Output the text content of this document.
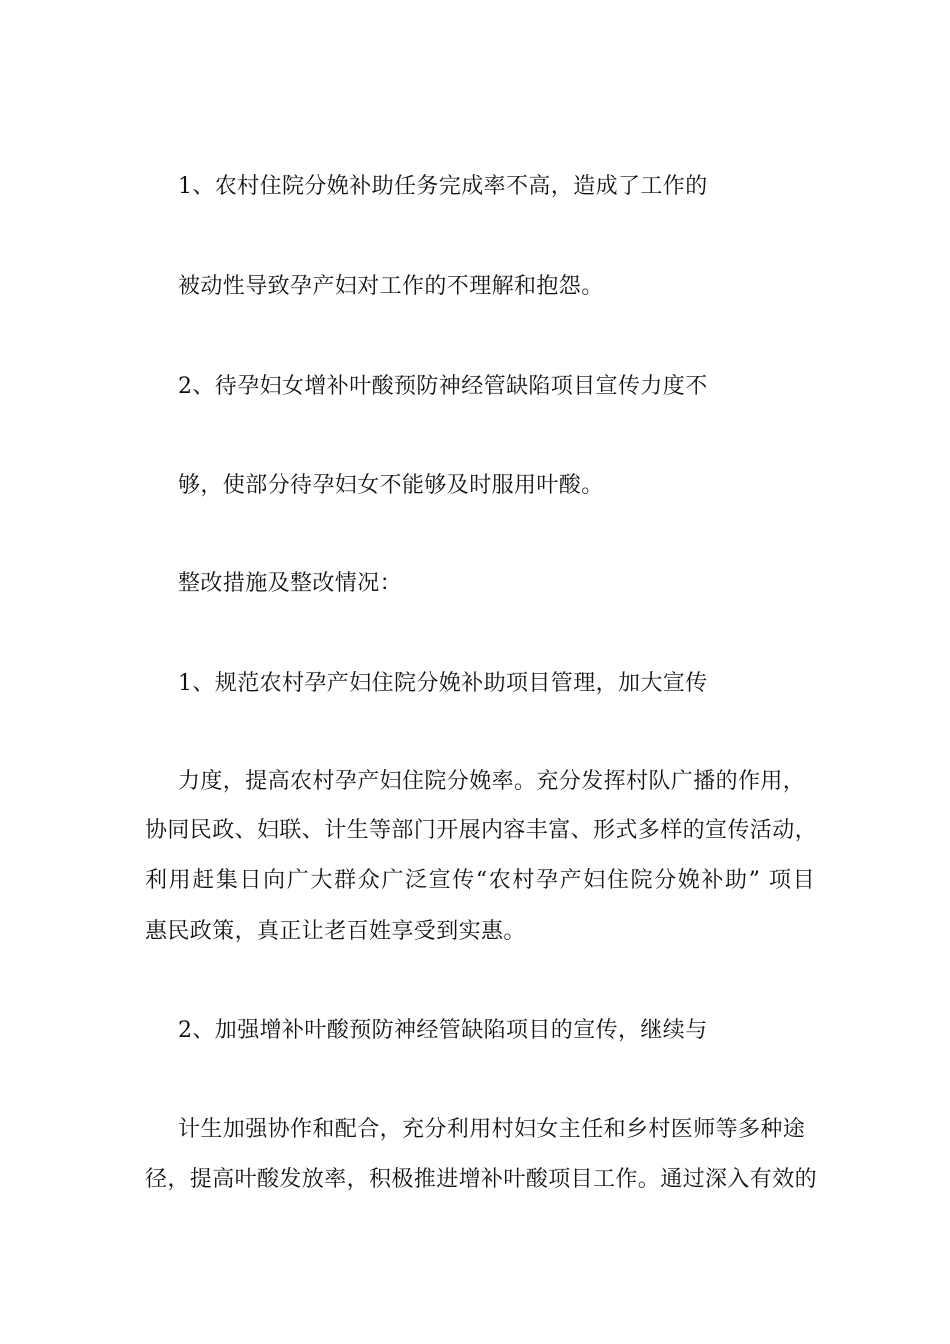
1、农村住院分娩补助任务完成率不高，造成了工作的
被动性导致孕产妇对工作的不理解和抱怨。
2、待孕妇女增补叶酸预防神经管缺陷项目宣传力度不
够，使部分待孕妇女不能够及时服用叶酸。
整改措施及整改情况：
1、规范农村孕产妇住院分娩补助项目管理，加大宣传
力度，提高农村孕产妇住院分娩率。充分发挥村队广播的作用，
协同民政、妇联、计生等部门开展内容丰富、形式多样的宣传活动，
利用赶集日向广大群众广泛宣传“农村孕产妇住院分娩补助” 项目
惠民政策，真正让老百姓享受到实惠。
2、加强增补叶酸预防神经管缺陷项目的宣传，继续与
计生加强协作和配合，充分利用村妇女主任和乡村医师等多种途
径，提高叶酸发放率，积极推进增补叶酸项目工作。通过深入有效的
